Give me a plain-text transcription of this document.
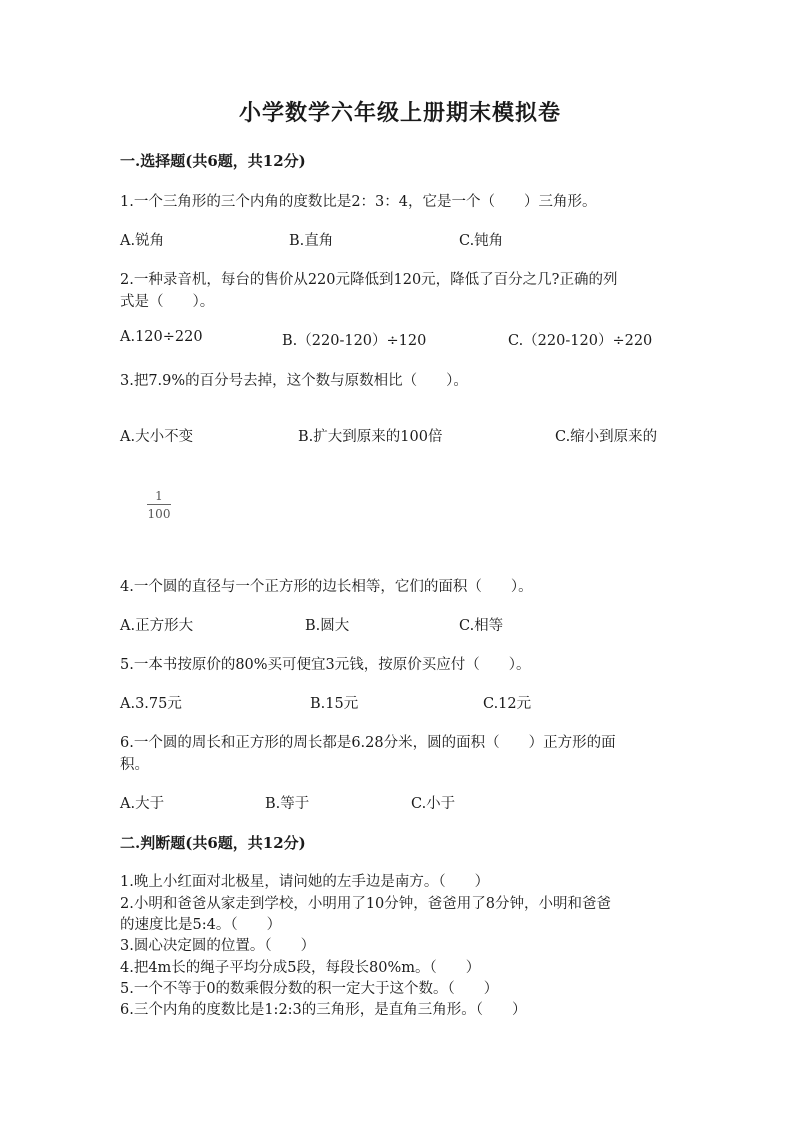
小学数学六年级上册期末模拟卷
一.选择题(共6题，共12分)
1.一个三角形的三个内角的度数比是2：3：4，它是一个（　　）三角形。
A.锐角	B.直角	C.钝角
2.一种录音机，每台的售价从220元降低到120元，降低了百分之几?正确的列
式是（　　）。
A.120÷220	B.（220-120）÷120	C.（220-120）÷220
3.把7.9%的百分号去掉，这个数与原数相比（　　）。
A.大小不变	B.扩大到原来的100倍	C.缩小到原来的
1
100
4.一个圆的直径与一个正方形的边长相等，它们的面积（　　）。
A.正方形大	B.圆大	C.相等
5.一本书按原价的80%买可便宜3元钱，按原价买应付（　　）。
A.3.75元	B.15元	C.12元
6.一个圆的周长和正方形的周长都是6.28分米，圆的面积（　　）正方形的面
积。
A.大于	B.等于	C.小于
二.判断题(共6题，共12分)
1.晚上小红面对北极星，请问她的左手边是南方。（　　）
2.小明和爸爸从家走到学校，小明用了10分钟，爸爸用了8分钟，小明和爸爸
的速度比是5:4。（　　）
3.圆心决定圆的位置。（　　）
4.把4m长的绳子平均分成5段，每段长80%m。（　　）
5.一个不等于0的数乘假分数的积一定大于这个数。（　　）
6.三个内角的度数比是1:2:3的三角形，是直角三角形。（　　）
